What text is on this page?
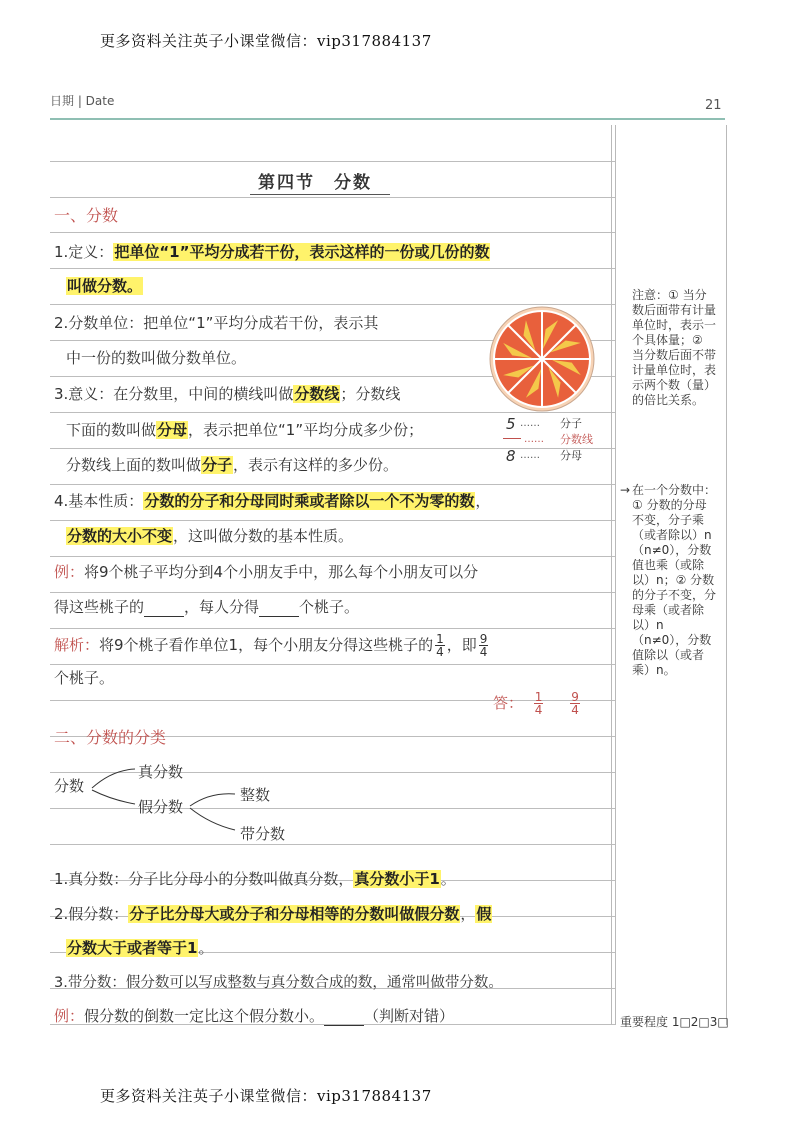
更多资料关注英子小课堂微信：vip317884137
更多资料关注英子小课堂微信：vip317884137
日期 | Date	21
第四节　分数
一、分数
1.定义：把单位“1”平均分成若干份，表示这样的一份或几份的数
叫做分数。
2.分数单位：把单位“1”平均分成若干份，表示其
中一份的数叫做分数单位。
3.意义：在分数里，中间的横线叫做分数线；分数线
下面的数叫做分母，表示把单位“1”平均分成多少份；
分数线上面的数叫做分子，表示有这样的多少份。
4.基本性质：分数的分子和分母同时乘或者除以一个不为零的数，
分数的大小不变，这叫做分数的基本性质。
例：将9个桃子平均分到4个小朋友手中，那么每个小朋友可以分
得这些桃子的	，每人分得	个桃子。
解析：将9个桃子看作单位1，每个小朋友分得这些桃子的 $\frac{1}{4}$ ，即 $\frac{9}{4}$
个桃子。
答： $\frac{1}{4}$
$\frac{9}{4}$
5 …… 分子
…… 分数线
8 …… 分母
注意：① 当分数后面带有计量单位时，表示一个具体量；② 当分数后面不带计量单位时，表示两个数（量）的倍比关系。
→ 在一个分数中：① 分数的分母不变，分子乘（或者除以）n（n≠0），分数值也乘（或除以）n；② 分数的分子不变，分母乘（或者除以）n（n≠0），分数值除以（或者乘）n。
二、分数的分类
分数
真分数
假分数
整数
带分数
1.真分数：分子比分母小的分数叫做真分数，真分数小于1。
2.假分数：分子比分母大或分子和分母相等的分数叫做假分数，假
分数大于或者等于1。
3.带分数：假分数可以写成整数与真分数合成的数，通常叫做带分数。
例：假分数的倒数一定比这个假分数小。	（判断对错）	重要程度 1□2□3□
